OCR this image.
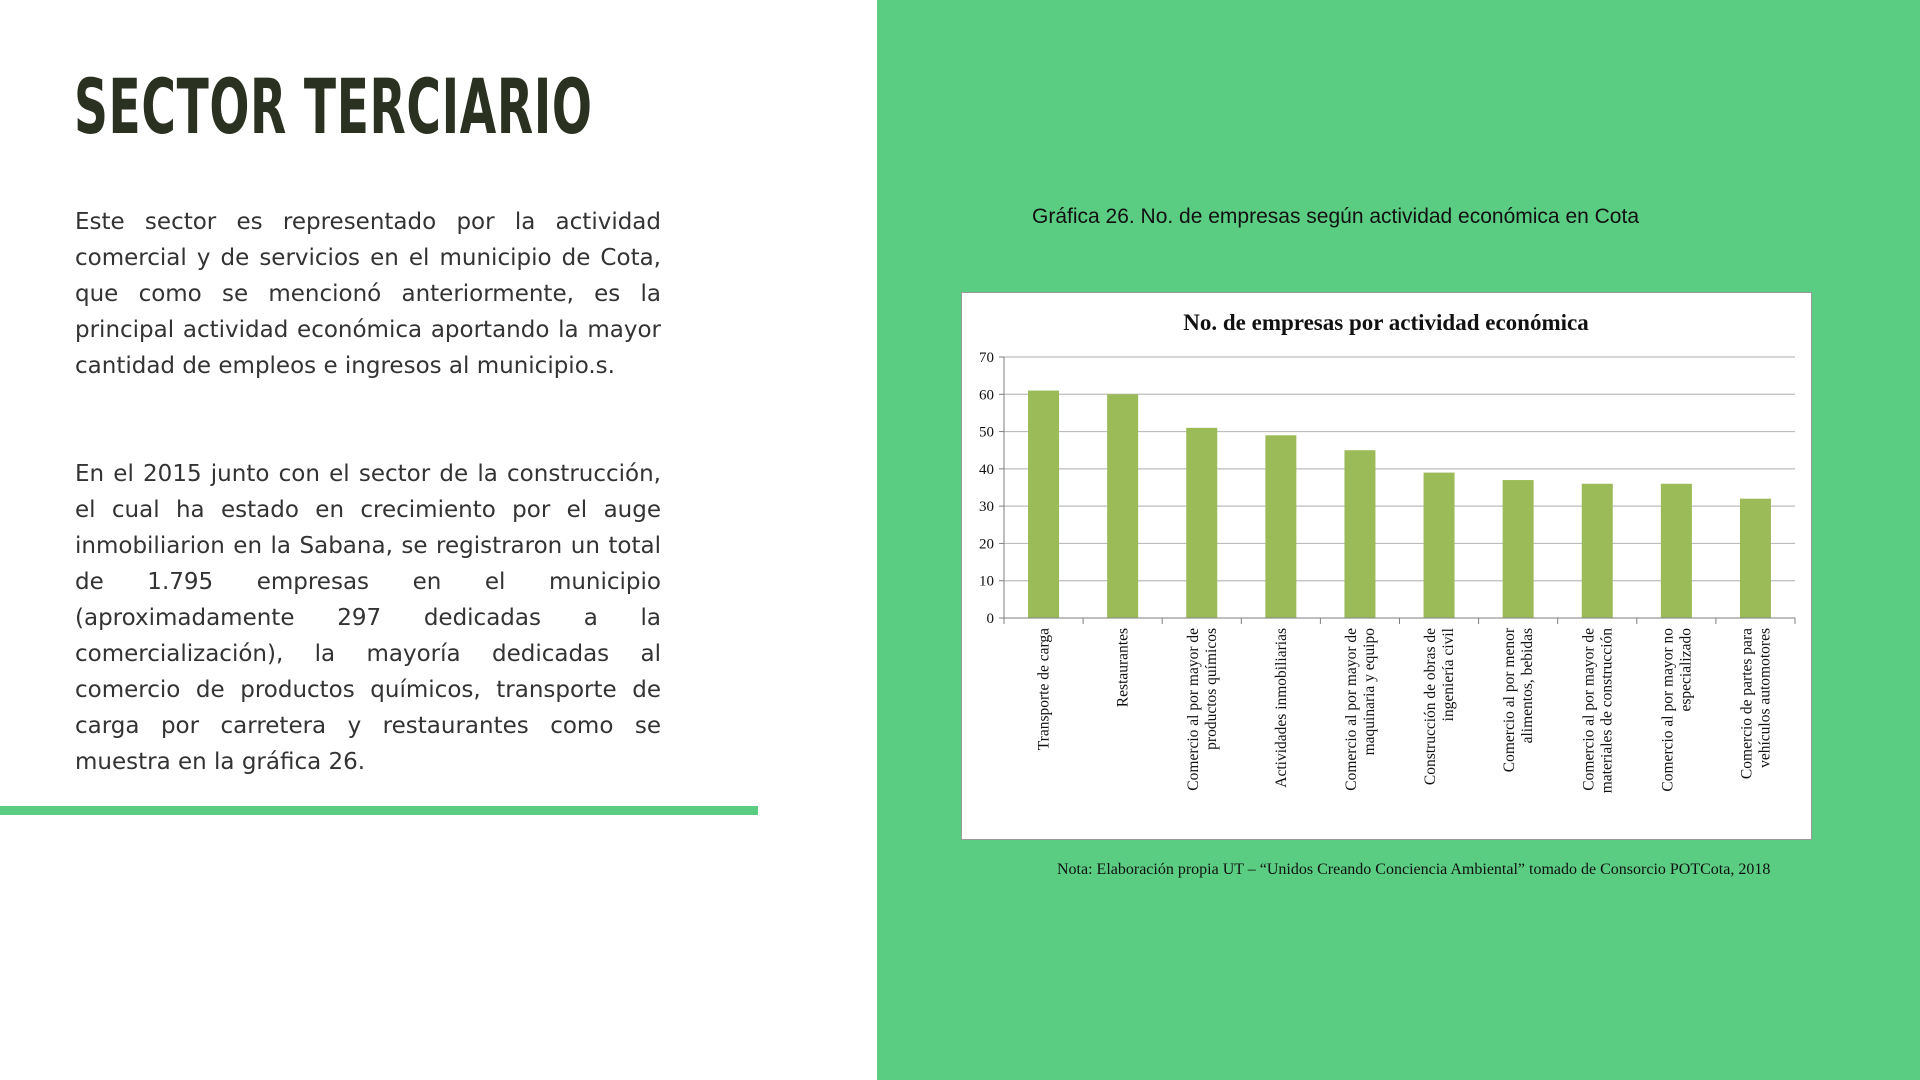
SECTOR TERCIARIO

Este sector es representado por la actividad comercial y de servicios en el municipio de Cota, que como se mencionó anteriormente, es la principal actividad económica aportando la mayor cantidad de empleos e ingresos al municipio.s.

En el 2015 junto con el sector de la construcción, el cual ha estado en crecimiento por el auge inmobiliarion en la Sabana, se registraron un total de 1.795 empresas en el municipio (aproximadamente 297 dedicadas a la comercialización), la mayoría dedicadas al comercio de productos químicos, transporte de carga por carretera y restaurantes como se muestra en la gráfica 26.

Gráfica 26. No. de empresas según actividad económica en Cota
0
10
20
30
40
50
60
70
Transporte de carga	Restaurantes	Comercio al por mayor de productos químicos	Actividades inmobiliarias	Comercio al por mayor de maquinaria y equipo	Construcción de obras de ingeniería civil	Comercio al por menor alimentos, bebidas	Comercio al por mayor de materiales de construcción	Comercio al por mayor no especializado	Comercio de partes para vehículos automotores
No. de empresas por actividad económica
Nota: Elaboración propia UT – “Unidos Creando Conciencia Ambiental” tomado de Consorcio POTCota, 2018
